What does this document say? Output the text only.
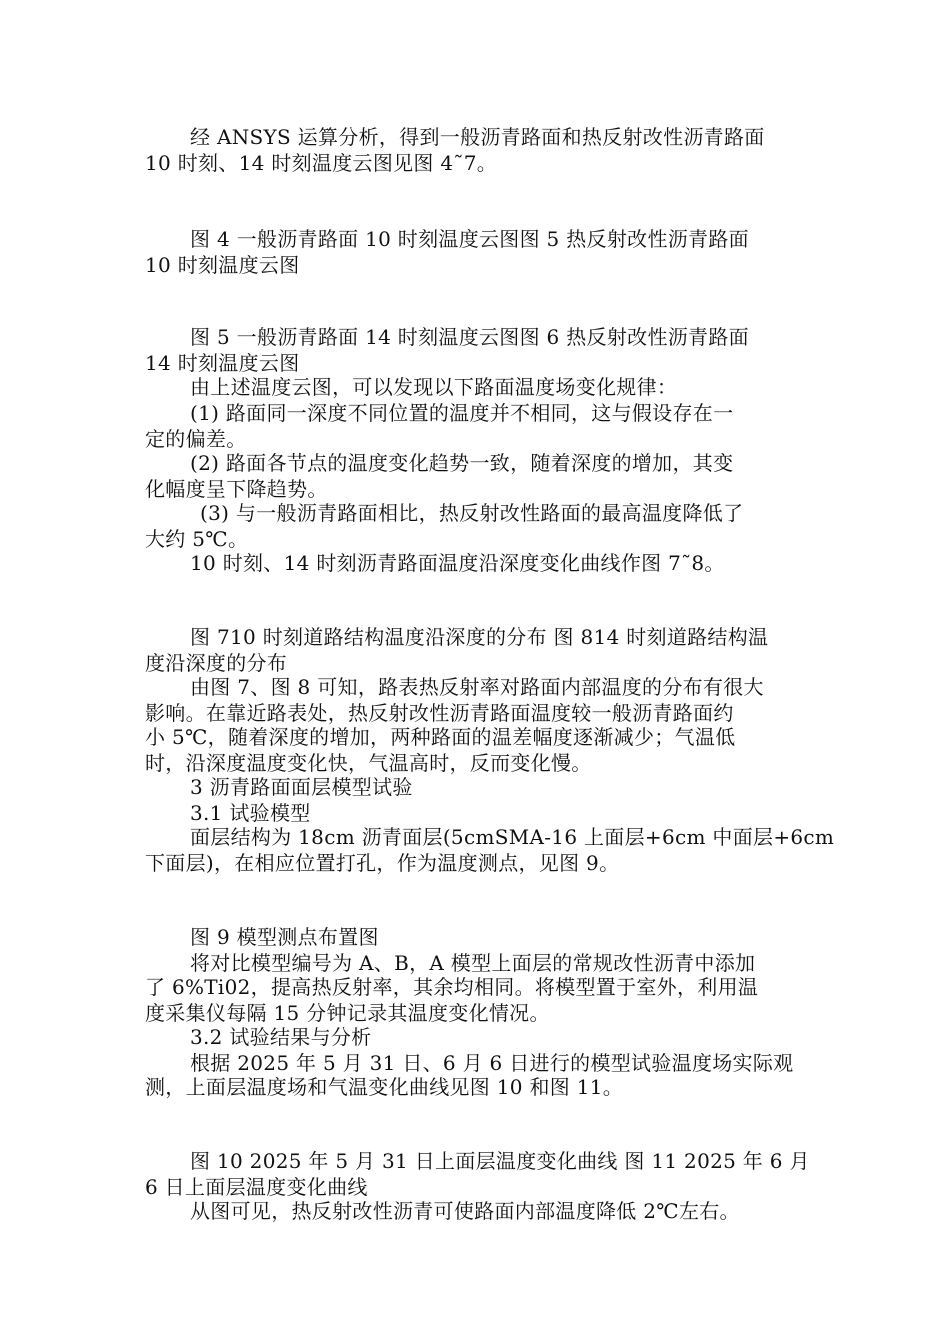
经 ANSYS 运算分析，得到一般沥青路面和热反射改性沥青路面
10 时刻、14 时刻温度云图见图 4˜7。
图 4 一般沥青路面 10 时刻温度云图图 5 热反射改性沥青路面
10 时刻温度云图
图 5 一般沥青路面 14 时刻温度云图图 6 热反射改性沥青路面
14 时刻温度云图
由上述温度云图，可以发现以下路面温度场变化规律：
(1) 路面同一深度不同位置的温度并不相同，这与假设存在一
定的偏差。
(2) 路面各节点的温度变化趋势一致，随着深度的增加，其变
化幅度呈下降趋势。
(3) 与一般沥青路面相比，热反射改性路面的最高温度降低了
大约 5℃。
10 时刻、14 时刻沥青路面温度沿深度变化曲线作图 7˜8。
图 710 时刻道路结构温度沿深度的分布 图 814 时刻道路结构温
度沿深度的分布
由图 7、图 8 可知，路表热反射率对路面内部温度的分布有很大
影响。在靠近路表处，热反射改性沥青路面温度较一般沥青路面约
小 5℃，随着深度的增加，两种路面的温差幅度逐渐减少；气温低
时，沿深度温度变化快，气温高时，反而变化慢。
3 沥青路面面层模型试验
3.1 试验模型
面层结构为 18cm 沥青面层(5cmSMA-16 上面层+6cm 中面层+6cm
下面层)，在相应位置打孔，作为温度测点，见图 9。
图 9 模型测点布置图
将对比模型编号为 A、B，A 模型上面层的常规改性沥青中添加
了 6%Ti02，提高热反射率，其余均相同。将模型置于室外，利用温
度采集仪每隔 15 分钟记录其温度变化情况。
3.2 试验结果与分析
根据 2025 年 5 月 31 日、6 月 6 日进行的模型试验温度场实际观
测，上面层温度场和气温变化曲线见图 10 和图 11。
图 10 2025 年 5 月 31 日上面层温度变化曲线 图 11 2025 年 6 月
6 日上面层温度变化曲线
从图可见，热反射改性沥青可使路面内部温度降低 2℃左右。
